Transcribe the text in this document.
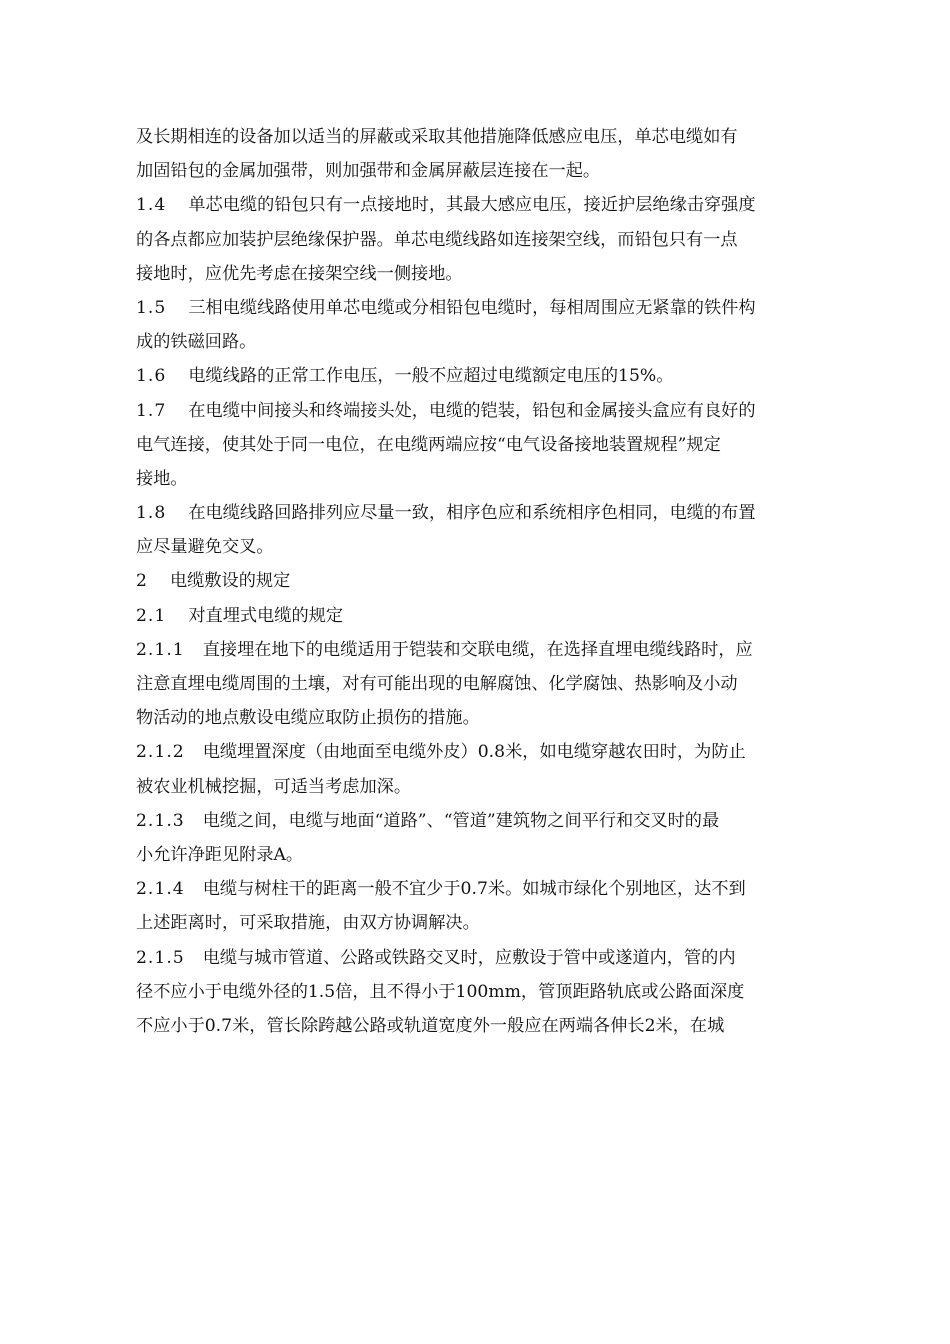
及长期相连的设备加以适当的屏蔽或采取其他措施降低感应电压，单芯电缆如有
加固铅包的金属加强带，则加强带和金属屏蔽层连接在一起。
1.4 单芯电缆的铅包只有一点接地时，其最大感应电压，接近护层绝缘击穿强度
的各点都应加装护层绝缘保护器。单芯电缆线路如连接架空线，而铅包只有一点
接地时，应优先考虑在接架空线一侧接地。
1.5 三相电缆线路使用单芯电缆或分相铅包电缆时，每相周围应无紧靠的铁件构
成的铁磁回路。
1.6 电缆线路的正常工作电压，一般不应超过电缆额定电压的15%。
1.7 在电缆中间接头和终端接头处，电缆的铠装，铅包和金属接头盒应有良好的
电气连接，使其处于同一电位，在电缆两端应按“电气设备接地装置规程”规定
接地。
1.8 在电缆线路回路排列应尽量一致，相序色应和系统相序色相同，电缆的布置
应尽量避免交叉。
2 电缆敷设的规定
2.1 对直埋式电缆的规定
2.1.1 直接埋在地下的电缆适用于铠装和交联电缆，在选择直埋电缆线路时，应
注意直埋电缆周围的土壤，对有可能出现的电解腐蚀、化学腐蚀、热影响及小动
物活动的地点敷设电缆应取防止损伤的措施。
2.1.2 电缆埋置深度（由地面至电缆外皮）0.8米，如电缆穿越农田时，为防止
被农业机械挖掘，可适当考虑加深。
2.1.3 电缆之间，电缆与地面“道路”、“管道”建筑物之间平行和交叉时的最
小允许净距见附录A。
2.1.4 电缆与树柱干的距离一般不宜少于0.7米。如城市绿化个别地区，达不到
上述距离时，可采取措施，由双方协调解决。
2.1.5 电缆与城市管道、公路或铁路交叉时，应敷设于管中或遂道内，管的内
径不应小于电缆外径的1.5倍，且不得小于100mm，管顶距路轨底或公路面深度
不应小于0.7米，管长除跨越公路或轨道宽度外一般应在两端各伸长2米，在城
